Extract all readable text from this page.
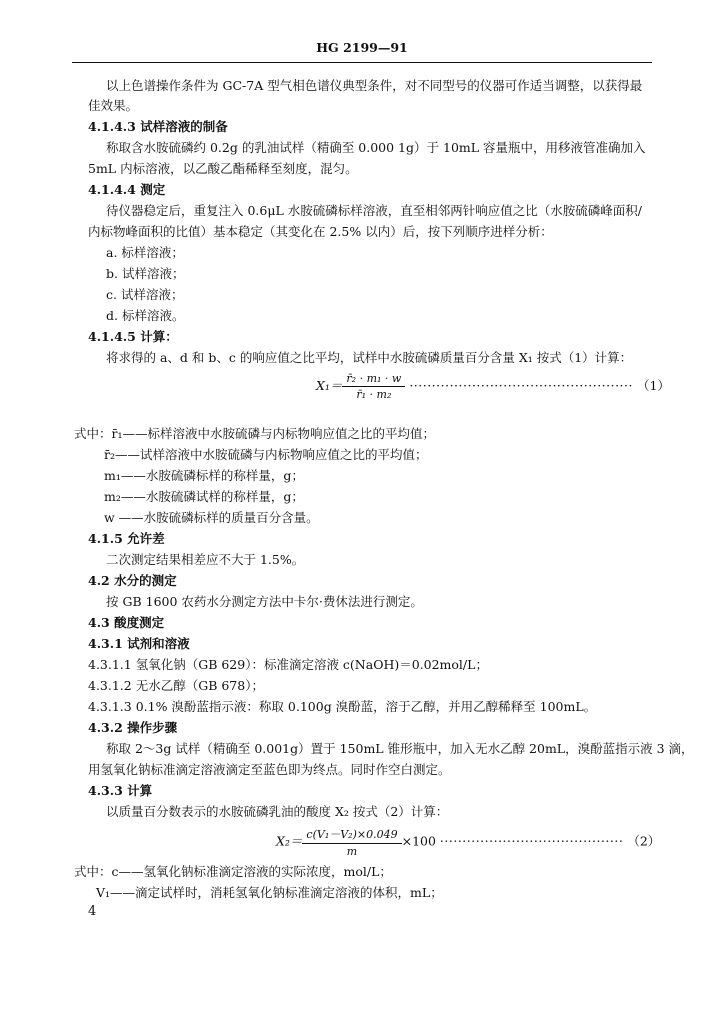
HG 2199—91
以上色谱操作条件为 GC-7A 型气相色谱仪典型条件，对不同型号的仪器可作适当调整，以获得最
佳效果。
4.1.4.3 试样溶液的制备
称取含水胺硫磷约 0.2g 的乳油试样（精确至 0.000 1g）于 10mL 容量瓶中，用移液管准确加入
5mL 内标溶液，以乙酸乙酯稀释至刻度，混匀。
4.1.4.4 测定
待仪器稳定后，重复注入 0.6μL 水胺硫磷标样溶液，直至相邻两针响应值之比（水胺硫磷峰面积/
内标物峰面积的比值）基本稳定（其变化在 2.5% 以内）后，按下列顺序进样分析：
a. 标样溶液；
b. 试样溶液；
c. 试样溶液；
d. 标样溶液。
4.1.4.5 计算：
将求得的 a、d 和 b、c 的响应值之比平均，试样中水胺硫磷质量百分含量 X₁ 按式（1）计算：
$X_1= \frac{\text{r̄₂ · m₁ · w}}{\text{r̄₁ · m₂}}$ ·················································· （1）
式中：r̄₁——标样溶液中水胺硫磷与内标物响应值之比的平均值；
r̄₂——试样溶液中水胺硫磷与内标物响应值之比的平均值；
m₁——水胺硫磷标样的称样量，g；
m₂——水胺硫磷试样的称样量，g；
w ——水胺硫磷标样的质量百分含量。
4.1.5 允许差
二次测定结果相差应不大于 1.5%。
4.2 水分的测定
按 GB 1600 农药水分测定方法中卡尔·费休法进行测定。
4.3 酸度测定
4.3.1 试剂和溶液
4.3.1.1 氢氧化钠（GB 629）：标准滴定溶液 c(NaOH)＝0.02mol/L；
4.3.1.2 无水乙醇（GB 678）；
4.3.1.3 0.1% 溴酚蓝指示液：称取 0.100g 溴酚蓝，溶于乙醇，并用乙醇稀释至 100mL。
4.3.2 操作步骤
称取 2～3g 试样（精确至 0.001g）置于 150mL 锥形瓶中，加入无水乙醇 20mL，溴酚蓝指示液 3 滴，
用氢氧化钠标准滴定溶液滴定至蓝色即为终点。同时作空白测定。
4.3.3 计算
以质量百分数表示的水胺硫磷乳油的酸度 X₂ 按式（2）计算：
$X_2= \frac{\text{c(V₁－V₂)×0.049}}{m} \times 100$ ········································· （2）
式中：c——氢氧化钠标准滴定溶液的实际浓度，mol/L；
V₁——滴定试样时，消耗氢氧化钠标准滴定溶液的体积，mL；
4
